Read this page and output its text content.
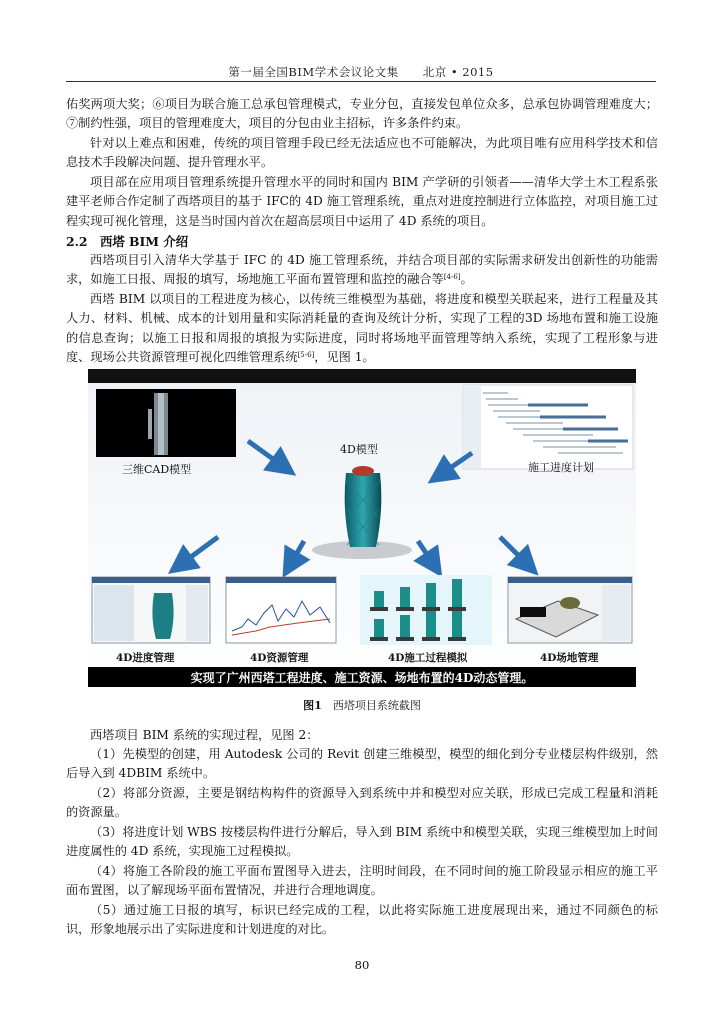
第一届全国BIM学术会议论文集　　北京 • 2015
佑奖两项大奖；⑥项目为联合施工总承包管理模式，专业分包，直接发包单位众多，总承包协调管理难度大；⑦制约性强，项目的管理难度大，项目的分包由业主招标，许多条件约束。
针对以上难点和困难，传统的项目管理手段已经无法适应也不可能解决，为此项目唯有应用科学技术和信息技术手段解决问题、提升管理水平。
项目部在应用项目管理系统提升管理水平的同时和国内 BIM 产学研的引领者——清华大学土木工程系张建平老师合作定制了西塔项目的基于 IFC的 4D 施工管理系统，重点对进度控制进行立体监控，对项目施工过程实现可视化管理，这是当时国内首次在超高层项目中运用了 4D 系统的项目。
2.2　西塔 BIM 介绍
西塔项目引入清华大学基于 IFC 的 4D 施工管理系统，并结合项目部的实际需求研发出创新性的功能需求，如施工日报、周报的填写，场地施工平面布置管理和监控的融合等[4-6]。
西塔 BIM 以项目的工程进度为核心，以传统三维模型为基础，将进度和模型关联起来，进行工程量及其人力、材料、机械、成本的计划用量和实际消耗量的查询及统计分析，实现了工程的3D 场地布置和施工设施的信息查询；以施工日报和周报的填报为实际进度，同时将场地平面管理等纳入系统，实现了工程形象与进度、现场公共资源管理可视化四维管理系统[5-6]，见图 1。
三维CAD模型	施工进度计划
4D模型
4D进度管理	4D资源管理	4D施工过程模拟	4D场地管理
实现了广州西塔工程进度、施工资源、场地布置的4D动态管理。
图1　 西塔项目系统截图
西塔项目 BIM 系统的实现过程，见图 2：
（1）先模型的创建，用 Autodesk 公司的 Revit 创建三维模型，模型的细化到分专业楼层构件级别，然后导入到 4DBIM 系统中。
（2）将部分资源，主要是钢结构构件的资源导入到系统中并和模型对应关联，形成已完成工程量和消耗的资源量。
（3）将进度计划 WBS 按楼层构件进行分解后，导入到 BIM 系统中和模型关联，实现三维模型加上时间进度属性的 4D 系统，实现施工过程模拟。
（4）将施工各阶段的施工平面布置图导入进去，注明时间段，在不同时间的施工阶段显示相应的施工平面布置图，以了解现场平面布置情况，并进行合理地调度。
（5）通过施工日报的填写，标识已经完成的工程，以此将实际施工进度展现出来，通过不同颜色的标识，形象地展示出了实际进度和计划进度的对比。
80
